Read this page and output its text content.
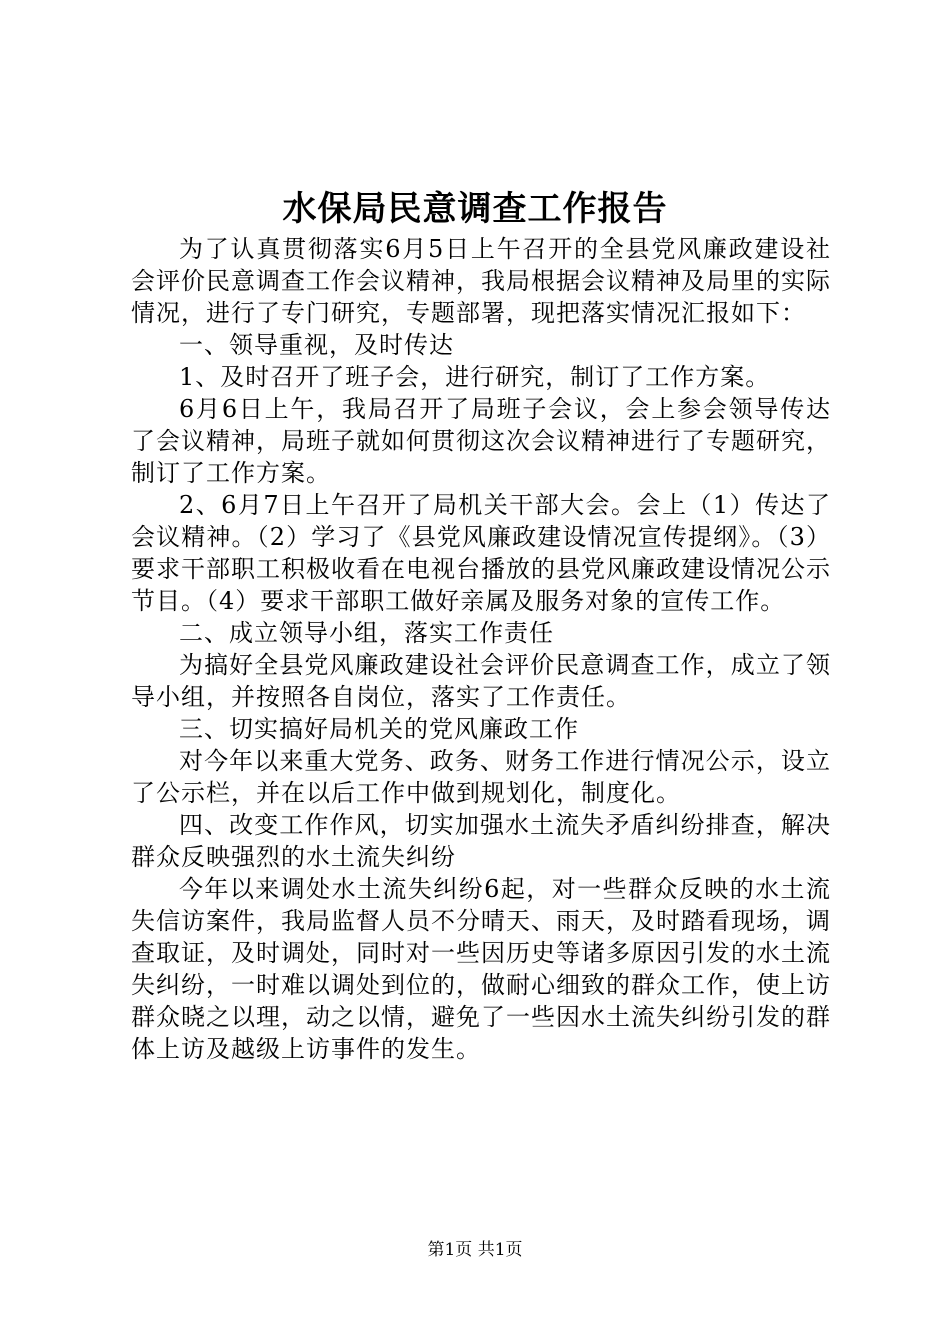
水保局民意调查工作报告

为了认真贯彻落实6月5日上午召开的全县党风廉政建设社会评价民意调查工作会议精神，我局根据会议精神及局里的实际情况，进行了专门研究，专题部署，现把落实情况汇报如下：

一、领导重视，及时传达

1、及时召开了班子会，进行研究，制订了工作方案。

6月6日上午，我局召开了局班子会议，会上参会领导传达了会议精神，局班子就如何贯彻这次会议精神进行了专题研究，制订了工作方案。

2、6月7日上午召开了局机关干部大会。会上（1）传达了会议精神。（2）学习了《县党风廉政建设情况宣传提纲》。（3）要求干部职工积极收看在电视台播放的县党风廉政建设情况公示节目。（4）要求干部职工做好亲属及服务对象的宣传工作。

二、成立领导小组，落实工作责任

为搞好全县党风廉政建设社会评价民意调查工作，成立了领导小组，并按照各自岗位，落实了工作责任。

三、切实搞好局机关的党风廉政工作

对今年以来重大党务、政务、财务工作进行情况公示，设立了公示栏，并在以后工作中做到规划化，制度化。

四、改变工作作风，切实加强水土流失矛盾纠纷排查，解决群众反映强烈的水土流失纠纷

今年以来调处水土流失纠纷6起，对一些群众反映的水土流失信访案件，我局监督人员不分晴天、雨天，及时踏看现场，调查取证，及时调处，同时对一些因历史等诸多原因引发的水土流失纠纷，一时难以调处到位的，做耐心细致的群众工作，使上访群众晓之以理，动之以情，避免了一些因水土流失纠纷引发的群体上访及越级上访事件的发生。

第1页 共1页
